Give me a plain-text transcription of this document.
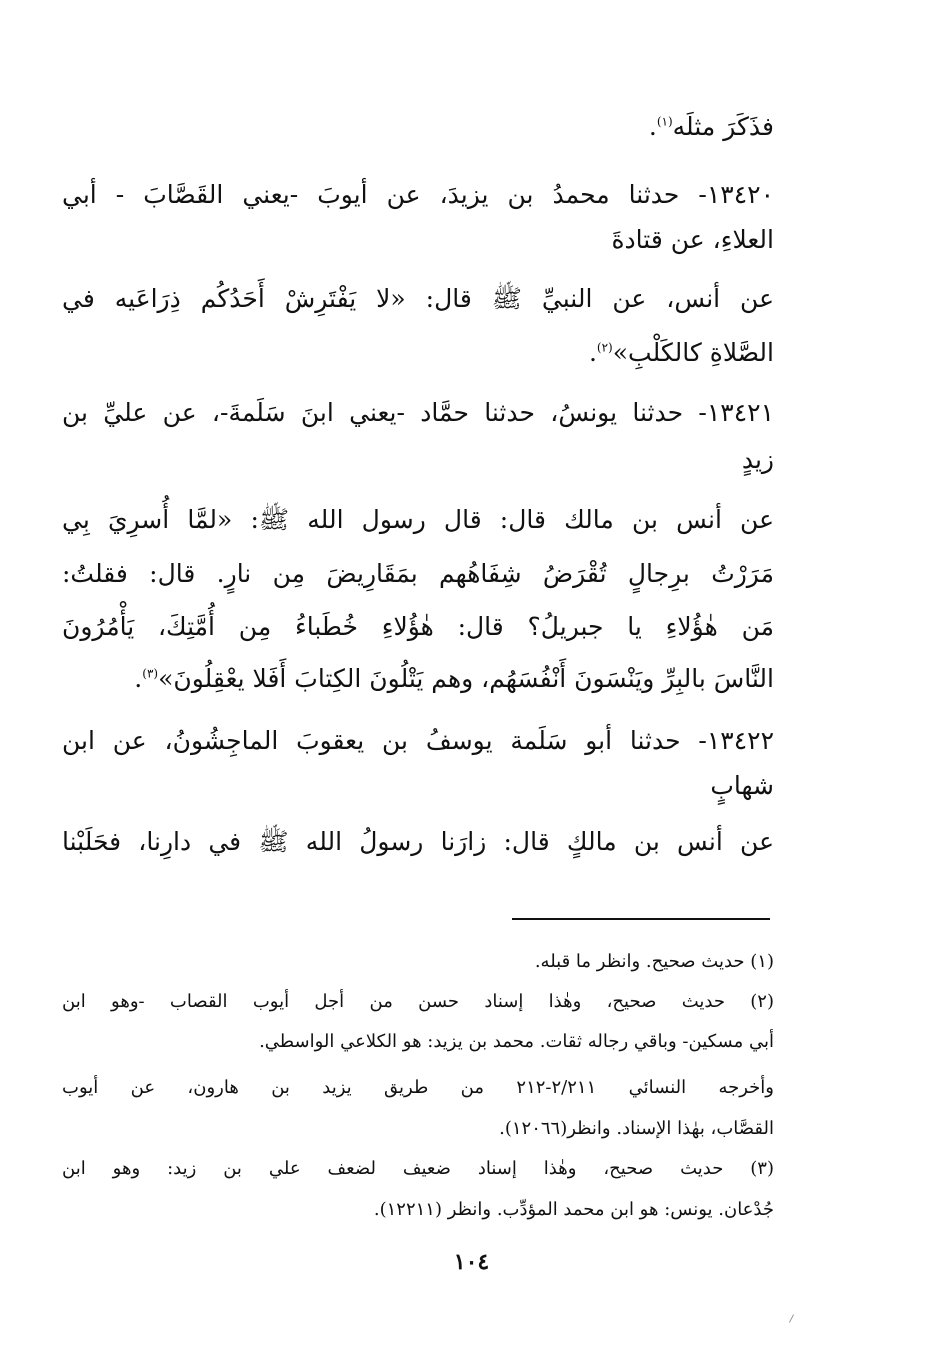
فذَكَرَ مثلَه$^{(١)}$.
١٣٤٢٠- حدثنا محمدُ بن يزيدَ، عن أيوبَ -يعني القَصَّابَ - أبي
العلاءِ، عن قتادةَ
عن أنس، عن النبيِّ ﷺ قال: «لا يَفْتَرِشْ أَحَدُكُم ذِرَاعَيه في
الصَّلاةِ كالكَلْبِ»$^{(٢)}$.
١٣٤٢١- حدثنا يونسُ، حدثنا حمَّاد -يعني ابنَ سَلَمةَ-، عن عليِّ بن
زيدٍ
عن أنس بن مالك قال: قال رسول الله ﷺ: «لمَّا أُسرِيَ بِي
مَرَرْتُ برِجالٍ تُقْرَضُ شِفَاهُهم بمَقَارِيضَ مِن نارٍ. قال: فقلتُ:
مَن هٰؤُلاءِ يا جبريلُ؟ قال: هٰؤُلاءِ خُطَباءُ مِن أُمَّتِكَ، يَأْمُرُونَ
النَّاسَ بالبِرِّ ويَنْسَونَ أَنْفُسَهُم، وهم يَتْلُونَ الكِتابَ أَفَلا يعْقِلُونَ»$^{(٣)}$.
١٣٤٢٢- حدثنا أبو سَلَمة يوسفُ بن يعقوبَ الماجِشُونُ، عن ابن
شهابٍ
عن أنس بن مالكٍ قال: زارَنا رسولُ الله ﷺ في دارِنا، فحَلَبْنا
(١) حديث صحيح. وانظر ما قبله.
(٢) حديث صحيح، وهٰذا إسناد حسن من أجل أيوب القصاب -وهو ابن
أبي مسكين- وباقي رجاله ثقات. محمد بن يزيد: هو الكلاعي الواسطي.
وأخرجه النسائي ٢/٢١١-٢١٢ من طريق يزيد بن هارون، عن أيوب
القصَّاب، بهٰذا الإسناد. وانظر(١٢٠٦٦).
(٣) حديث صحيح، وهٰذا إسناد ضعيف لضعف علي بن زيد: وهو ابن
جُدْعان. يونس: هو ابن محمد المؤدِّب. وانظر (١٢٢١١).
١٠٤
